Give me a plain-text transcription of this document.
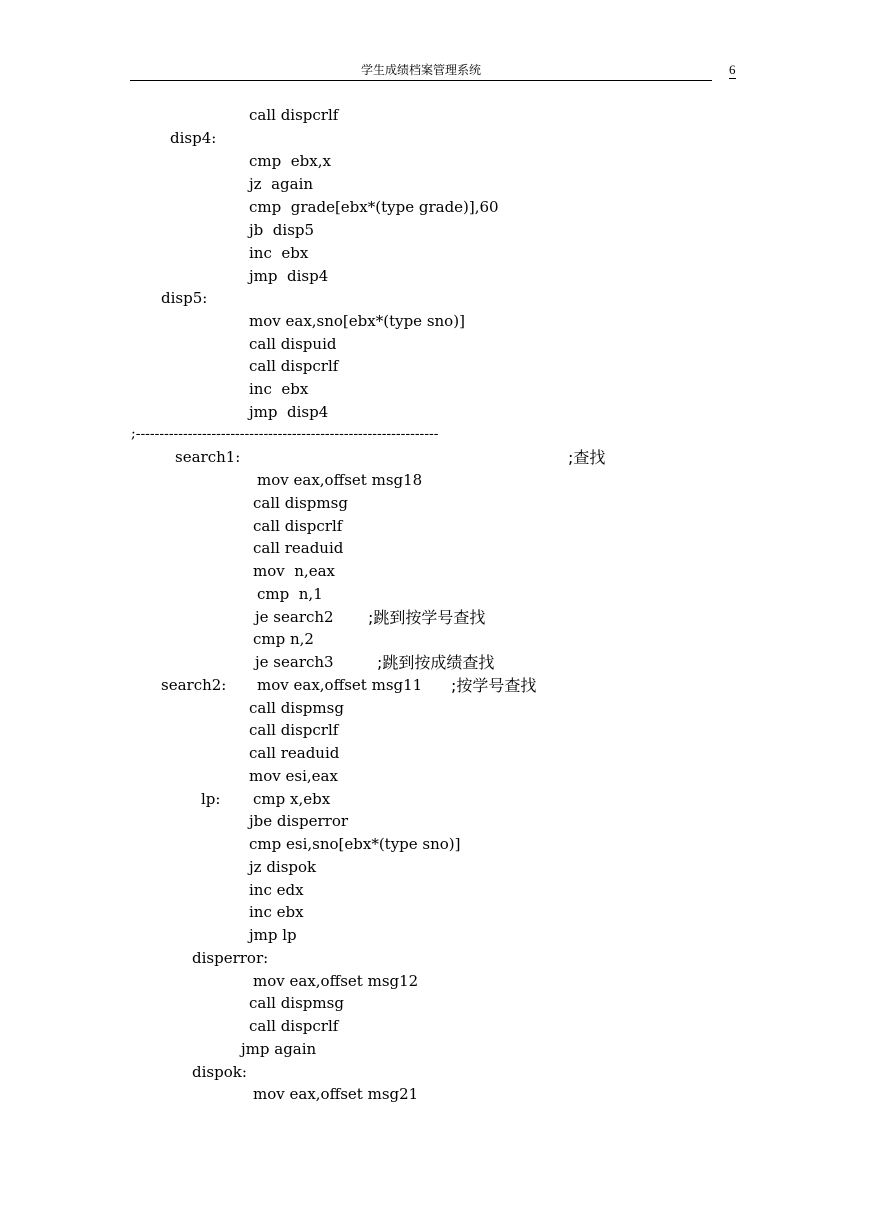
学生成绩档案管理系统	6
call dispcrlf
disp4:
cmp  ebx,x
jz  again
cmp  grade[ebx*(type grade)],60
jb  disp5
inc  ebx
jmp  disp4
disp5:
mov eax,sno[ebx*(type sno)]
call dispuid
call dispcrlf
inc  ebx
jmp  disp4
;----------------------------------------------------------------
search1:	;查找
mov eax,offset msg18
call dispmsg
call dispcrlf
call readuid
mov  n,eax
cmp  n,1
je search2 ;跳到按学号查找
cmp n,2
je search3	;跳到按成绩查找
search2: mov eax,offset msg11 ;按学号查找
call dispmsg
call dispcrlf
call readuid
mov esi,eax
lp: cmp x,ebx
jbe disperror
cmp esi,sno[ebx*(type sno)]
jz dispok
inc edx
inc ebx
jmp lp
disperror:
mov eax,offset msg12
call dispmsg
call dispcrlf
jmp again
dispok:
mov eax,offset msg21
